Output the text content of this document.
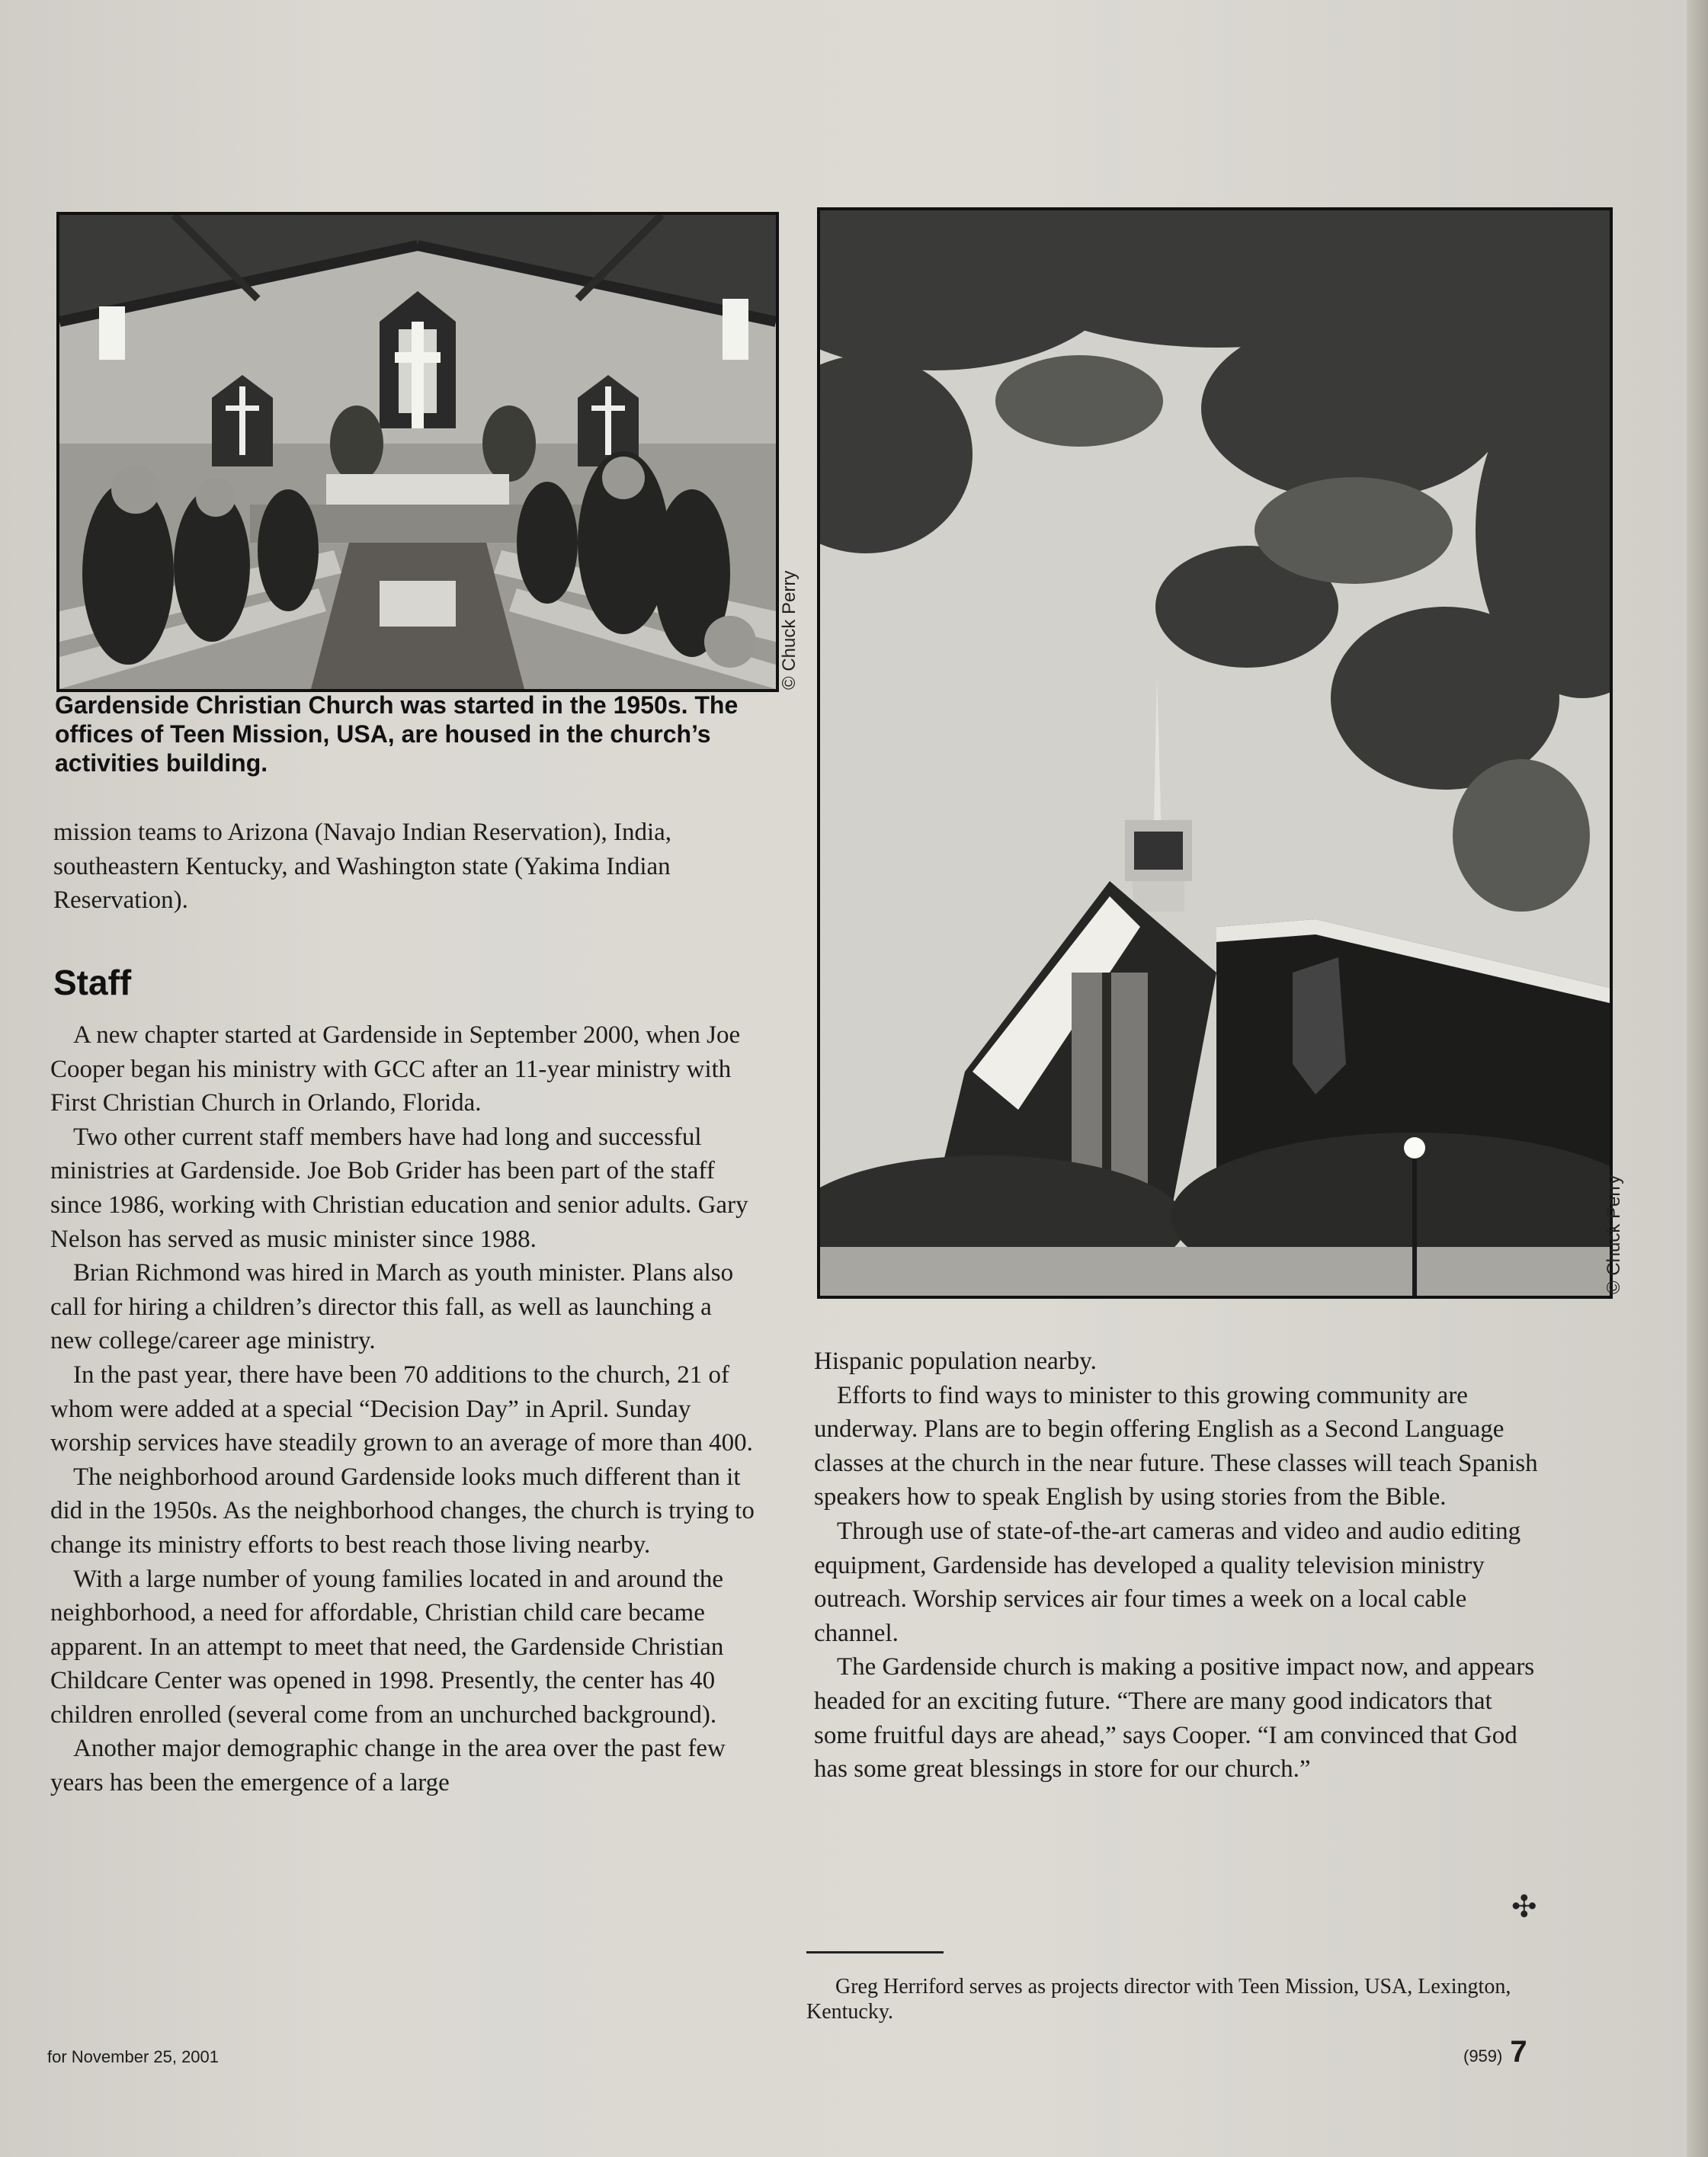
© Chuck Perry
© Chuck Perry
Gardenside Christian Church was started in the 1950s. The offices of Teen Mission, USA, are housed in the church’s activities building.

mission teams to Arizona (Navajo Indian Reservation), India, southeastern Kentucky, and Washington state (Yakima Indian Reservation).

Staff

A new chapter started at Gardenside in September 2000, when Joe Cooper began his ministry with GCC after an 11-year ministry with First Christian Church in Orlando, Florida.

Two other current staff members have had long and successful ministries at Gardenside. Joe Bob Grider has been part of the staff since 1986, working with Christian education and senior adults. Gary Nelson has served as music minister since 1988.

Brian Richmond was hired in March as youth minister. Plans also call for hiring a children’s director this fall, as well as launching a new college/career age ministry.

In the past year, there have been 70 additions to the church, 21 of whom were added at a special “Decision Day” in April. Sunday worship services have steadily grown to an average of more than 400.

The neighborhood around Gardenside looks much different than it did in the 1950s. As the neighborhood changes, the church is trying to change its ministry efforts to best reach those living nearby.

With a large number of young families located in and around the neighborhood, a need for affordable, Christian child care became apparent. In an attempt to meet that need, the Gardenside Christian Childcare Center was opened in 1998. Presently, the center has 40 children enrolled (several come from an unchurched background).

Another major demographic change in the area over the past few years has been the emergence of a large

Hispanic population nearby.

Efforts to find ways to minister to this growing community are underway. Plans are to begin offering English as a Second Language classes at the church in the near future. These classes will teach Spanish speakers how to speak English by using stories from the Bible.

Through use of state-of-the-art cameras and video and audio editing equipment, Gardenside has developed a quality television ministry outreach. Worship services air four times a week on a local cable channel.

The Gardenside church is making a positive impact now, and appears headed for an exciting future. “There are many good indicators that some fruitful days are ahead,” says Cooper. “I am convinced that God has some great blessings in store for our church.”

✣
Greg Herriford serves as projects director with Teen Mission, USA, Lexington, Kentucky.
for November 25, 2001	(959) 7
